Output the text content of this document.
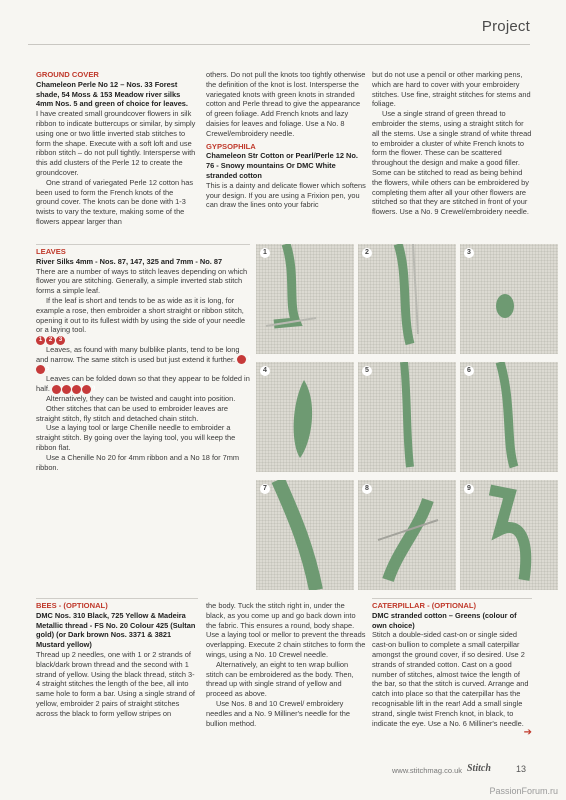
Project

GROUND COVER

Chameleon Perle No 12 – Nos. 33 Forest shade, 54 Moss & 153 Meadow river silks 4mm Nos. 5 and green of choice for leaves.

I have created small groundcover flowers in silk ribbon to indicate buttercups or similar, by simply using one or two little inverted stab stitches to form the shape. Execute with a soft loft and use ribbon stitch – do not pull tightly. Intersperse with this add clusters of the Perle 12 to create the groundcover.

One strand of variegated Perle 12 cotton has been used to form the French knots of the ground cover. The knots can be done with 1-3 twists to vary the texture, making some of the flowers appear larger than

others. Do not pull the knots too tightly otherwise the definition of the knot is lost. Intersperse the variegated knots with green knots in stranded cotton and Perle thread to give the appearance of green foliage. Add French knots and lazy daisies for leaves and foliage. Use a No. 8 Crewel/embroidery needle.

GYPSOPHILA

Chameleon Str Cotton or Pearl/Perle 12 No. 76 - Snowy mountains Or DMC White stranded cotton

This is a dainty and delicate flower which softens your design. If you are using a Frixion pen, you can draw the lines onto your fabric

but do not use a pencil or other marking pens, which are hard to cover with your embroidery stitches. Use fine, straight stitches for stems and foliage.

Use a single strand of green thread to embroider the stems, using a straight stitch for all the stems. Use a single strand of white thread to embroider a cluster of white French knots to form the flower. These can be scattered throughout the design and make a good filler. Some can be stitched to read as being behind the flowers, while others can be embroidered by completing them after all your other flowers are stitched so that they are stitched in front of your flowers. Use a No. 9 Crewel/embroidery needle.

LEAVES

River Silks 4mm - Nos. 87, 147, 325 and 7mm - No. 87

There are a number of ways to stitch leaves depending on which flower you are stitching. Generally, a simple inverted stab stitch forms a simple leaf.

If the leaf is short and tends to be as wide as it is long, for example a rose, then embroider a short straight or ribbon stitch, opening it out to its fullest width by using the side of your needle or a laying tool.

1 2 3

Leaves, as found with many bulblike plants, tend to be long and narrow. The same stitch is used but just extend it further. 45

Leaves can be folded down so that they appear to be folded in half.	9

Alternatively, they can be twisted and caught into position.

Other stitches that can be used to embroider leaves are straight stitch, fly stitch and detached chain stitch.

Use a laying tool or large Chenille needle to embroider a straight stitch. By going over the laying tool, you will keep the ribbon flat.

Use a Chenille No 20 for 4mm ribbon and a No 18 for 7mm ribbon.

1	2	3
4	5	6
7	8	9

BEES - (OPTIONAL)

DMC Nos. 310 Black, 725 Yellow & Madeira Metallic thread - FS No. 20 Colour 425 (Sultan gold) (or Dark brown Nos. 3371 & 3821 Mustard yellow)

Thread up 2 needles, one with 1 or 2 strands of black/dark brown thread and the second with 1 strand of yellow. Using the black thread, stitch 3-4 straight stitches the length of the bee, all into same hole to form a bar. Using a single strand of yellow, embroider 2 pairs of straight stitches across the black to form yellow stripes on

the body. Tuck the stitch right in, under the black, as you come up and go back down into the fabric. This ensures a round, body shape. Use a laying tool or mellor to prevent the threads overlapping. Execute 2 chain stitches to form the wings, using a No. 10 Crewel needle.

Alternatively, an eight to ten wrap bullion stitch can be embroidered as the body. Then, thread up with single strand of yellow and proceed as above.

Use Nos. 8 and 10 Crewel/ embroidery needles and a No. 9 Milliner's needle for the bullion method.

CATERPILLAR - (OPTIONAL)

DMC stranded cotton – Greens (colour of own choice)

Stitch a double-sided cast-on or single sided cast-on bullion to complete a small caterpillar amongst the ground cover, if so desired. Use 2 strands of stranded cotton. Cast on a good number of stitches, almost twice the length of the bar, so that the stitch is curved. Arrange and catch into place so that the caterpillar has the recognisable lift in the rear! Add a small single strand, single twist French knot, in black, to indicate the eye. Use a No. 6 Milliner's needle.

➔

www.stitchmag.co.uk Stitch	13
PassionForum.ru
